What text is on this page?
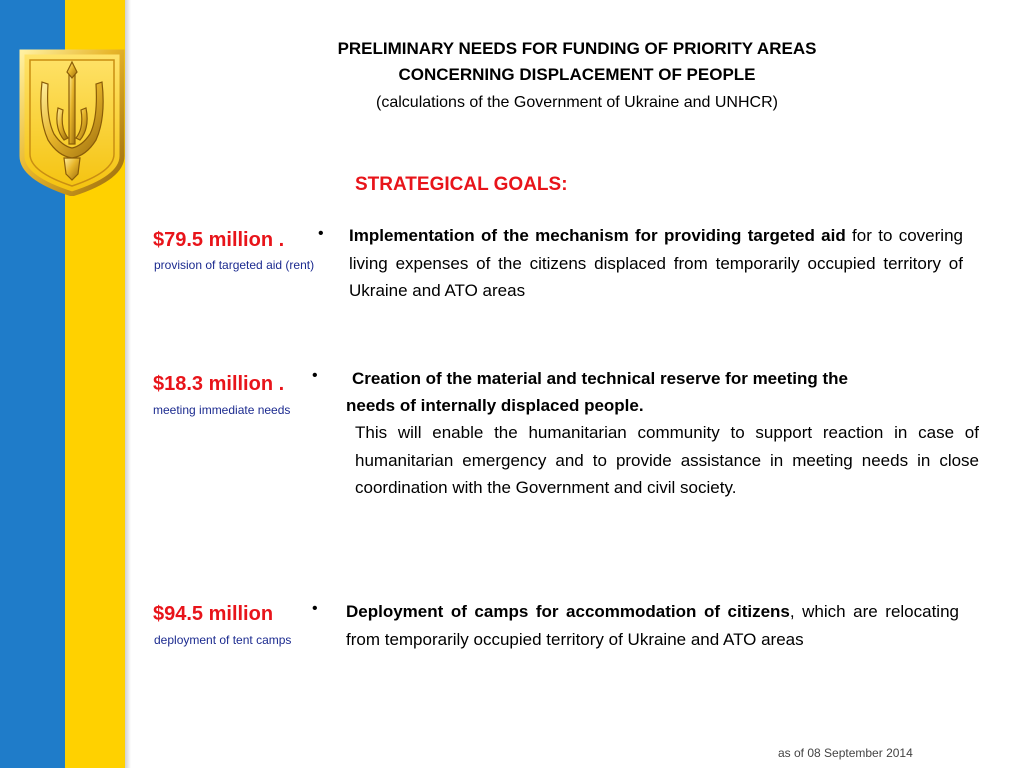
PRELIMINARY NEEDS FOR FUNDING OF PRIORITY AREAS
CONCERNING DISPLACEMENT OF PEOPLE
(calculations of the Government of Ukraine and UNHCR)
STRATEGICAL GOALS:
$79.5 million .
provision of targeted aid (rent)
• Implementation of the mechanism for providing targeted aid for to covering living expenses of the citizens displaced from temporarily occupied territory of Ukraine and ATO areas
$18.3 million .
meeting immediate needs
• Creation of the material and technical reserve for meeting the
needs of internally displaced people.
This will enable the humanitarian community to support reaction in case of humanitarian emergency and to provide assistance in meeting needs in close coordination with the Government and civil society.
$94.5 million
deployment of tent camps
• Deployment of camps for accommodation of citizens, which are relocating from temporarily occupied territory of Ukraine and ATO areas
as of 08 September 2014
